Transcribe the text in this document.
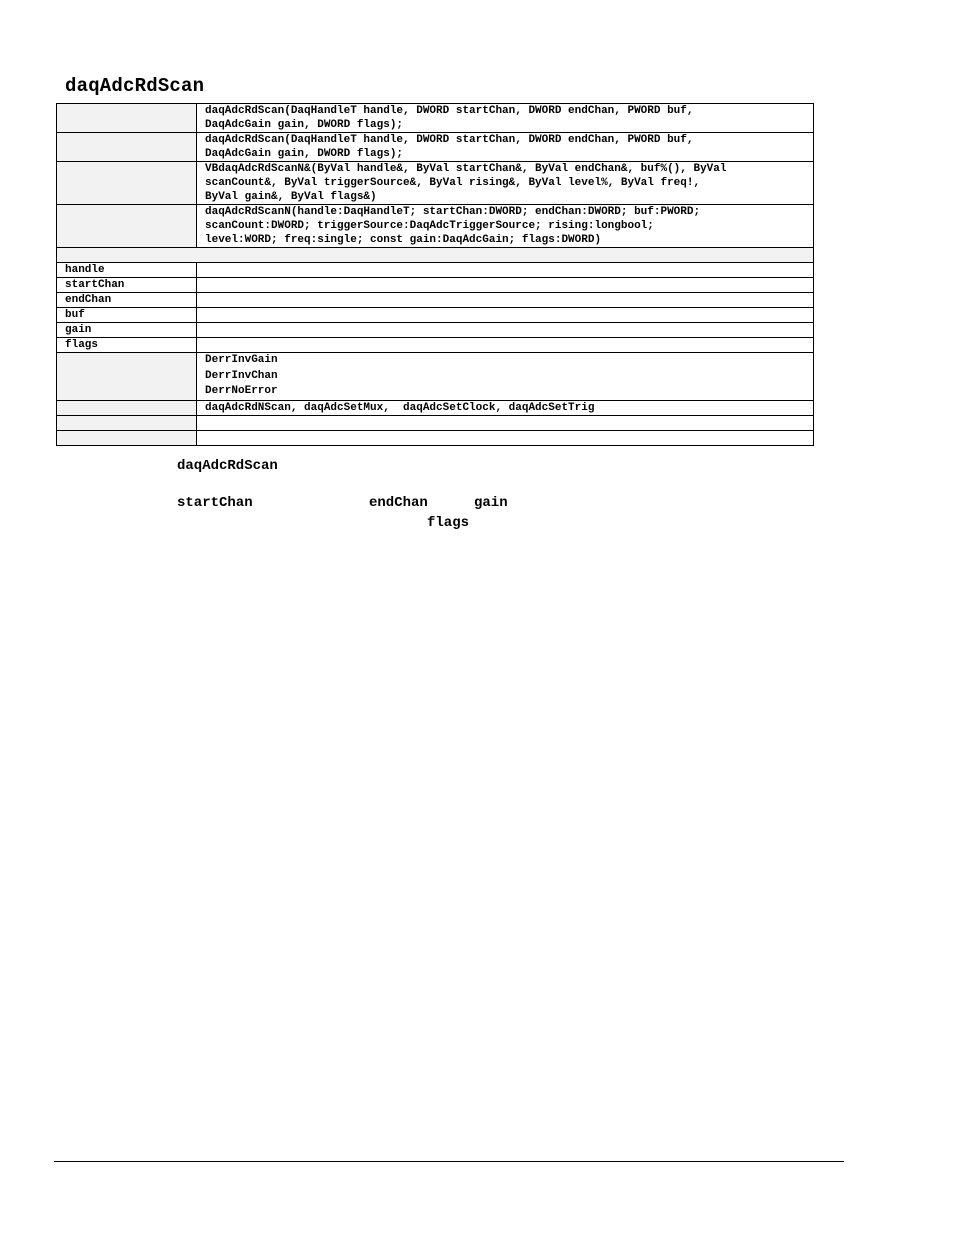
daqAdcRdScan

	daqAdcRdScan(DaqHandleT handle, DWORD startChan, DWORD endChan, PWORD buf,
DaqAdcGain gain, DWORD flags);

	daqAdcRdScan(DaqHandleT handle, DWORD startChan, DWORD endChan, PWORD buf,
DaqAdcGain gain, DWORD flags);

	VBdaqAdcRdScanN&(ByVal handle&, ByVal startChan&, ByVal endChan&, buf%(), ByVal
scanCount&, ByVal triggerSource&, ByVal rising&, ByVal level%, ByVal freq!,
ByVal gain&, ByVal flags&)

	daqAdcRdScanN(handle:DaqHandleT; startChan:DWORD; endChan:DWORD; buf:PWORD;
scanCount:DWORD; triggerSource:DaqAdcTriggerSource; rising:longbool;
level:WORD; freq:single; const gain:DaqAdcGain; flags:DWORD)

handle	
startChan	
endChan	
buf	
gain	
flags	

	DerrInvGain
DerrInvChan
DerrNoError

	daqAdcRdNScan, daqAdcSetMux,  daqAdcSetClock, daqAdcSetTrig

daqAdcRdScan
startChan	endChan	gain
flags
